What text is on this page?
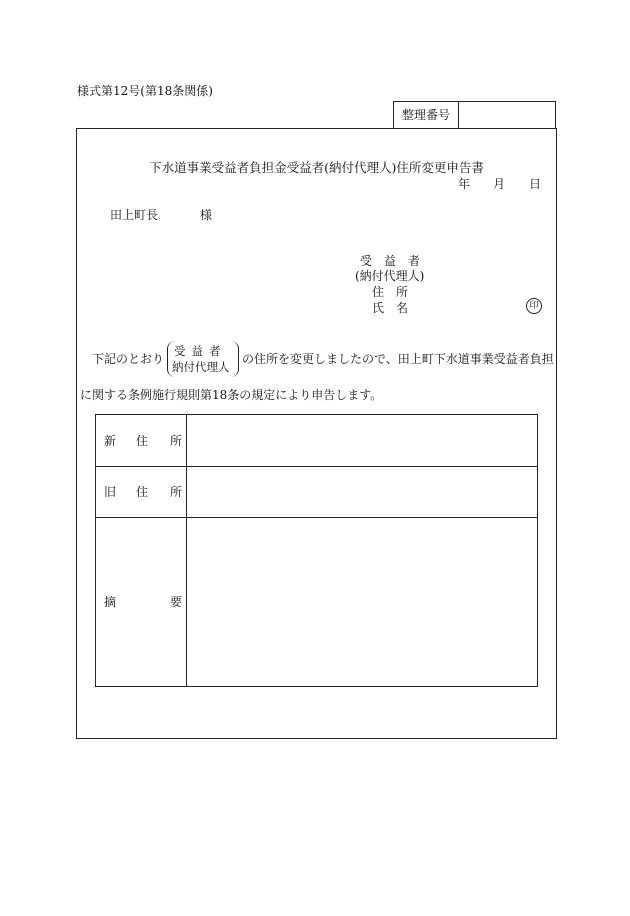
様式第12号(第18条関係)
整理番号
下水道事業受益者負担金受益者(納付代理人)住所変更申告書
年 月 日
田上町長	様
受　益　者
(納付代理人)
住　所
氏　名	印
下記のとおり
受益者
納付代理人
の住所を変更しましたので、田上町下水道事業受益者負担
に関する条例施行規則第18条の規定により申告します。
新 住 所
旧 住 所
摘	要
